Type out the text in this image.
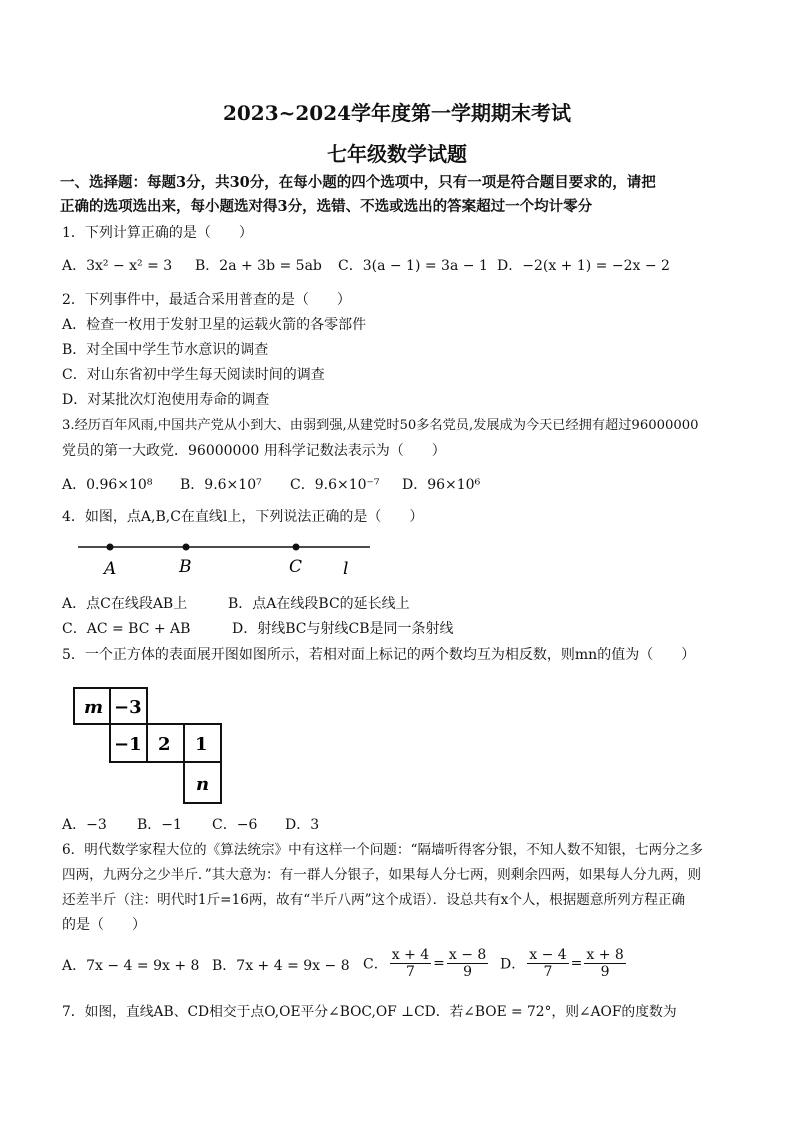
2023~2024学年度第一学期期末考试
七年级数学试题
一、选择题：每题3分，共30分，在每小题的四个选项中，只有一项是符合题目要求的，请把
正确的选项选出来，每小题选对得3分，选错、不选或选出的答案超过一个均计零分
1．下列计算正确的是（　　）
A．3x² − x² = 3 B．2a + 3b = 5ab C．3(a − 1) = 3a − 1 D．−2(x + 1) = −2x − 2
2．下列事件中，最适合采用普查的是（　　）
A．检查一枚用于发射卫星的运载火箭的各零部件
B．对全国中学生节水意识的调查
C．对山东省初中学生每天阅读时间的调查
D．对某批次灯泡使用寿命的调查
3.经历百年风雨,中国共产党从小到大、由弱到强,从建党时50多名党员,发展成为今天已经拥有超过96000000
党员的第一大政党．96000000 用科学记数法表示为（　　）
A．0.96×10⁸ B．9.6×10⁷ C．9.6×10⁻⁷ D．96×10⁶
4．如图，点A,B,C在直线l上，下列说法正确的是（　　）
A	B	C l
A．点C在线段AB上	B．点A在线段BC的延长线上
C．AC = BC + AB	D．射线BC与射线CB是同一条射线
5．一个正方体的表面展开图如图所示，若相对面上标记的两个数均互为相反数，则mn的值为（　　）
m −3
−1 2 1
n
A．−3 B．−1 C．−6 D．3
6．明代数学家程大位的《算法统宗》中有这样一个问题：“隔墙听得客分银，不知人数不知银，七两分之多
四两，九两分之少半斤．”其大意为：有一群人分银子，如果每人分七两，则剩余四两，如果每人分九两，则
还差半斤（注：明代时1斤=16两，故有“半斤八两”这个成语）．设总共有x个人，根据题意所列方程正确
的是（　　）
A．7x − 4 = 9x + 8 B．7x + 4 = 9x − 8 C． $\frac{x + 4}{7} = \frac{x - 8}{9}$ D． $\frac{x - 4}{7} = \frac{x + 8}{9}$
7．如图，直线AB、CD相交于点O,OE平分∠BOC,OF ⊥CD．若∠BOE = 72°，则∠AOF的度数为
